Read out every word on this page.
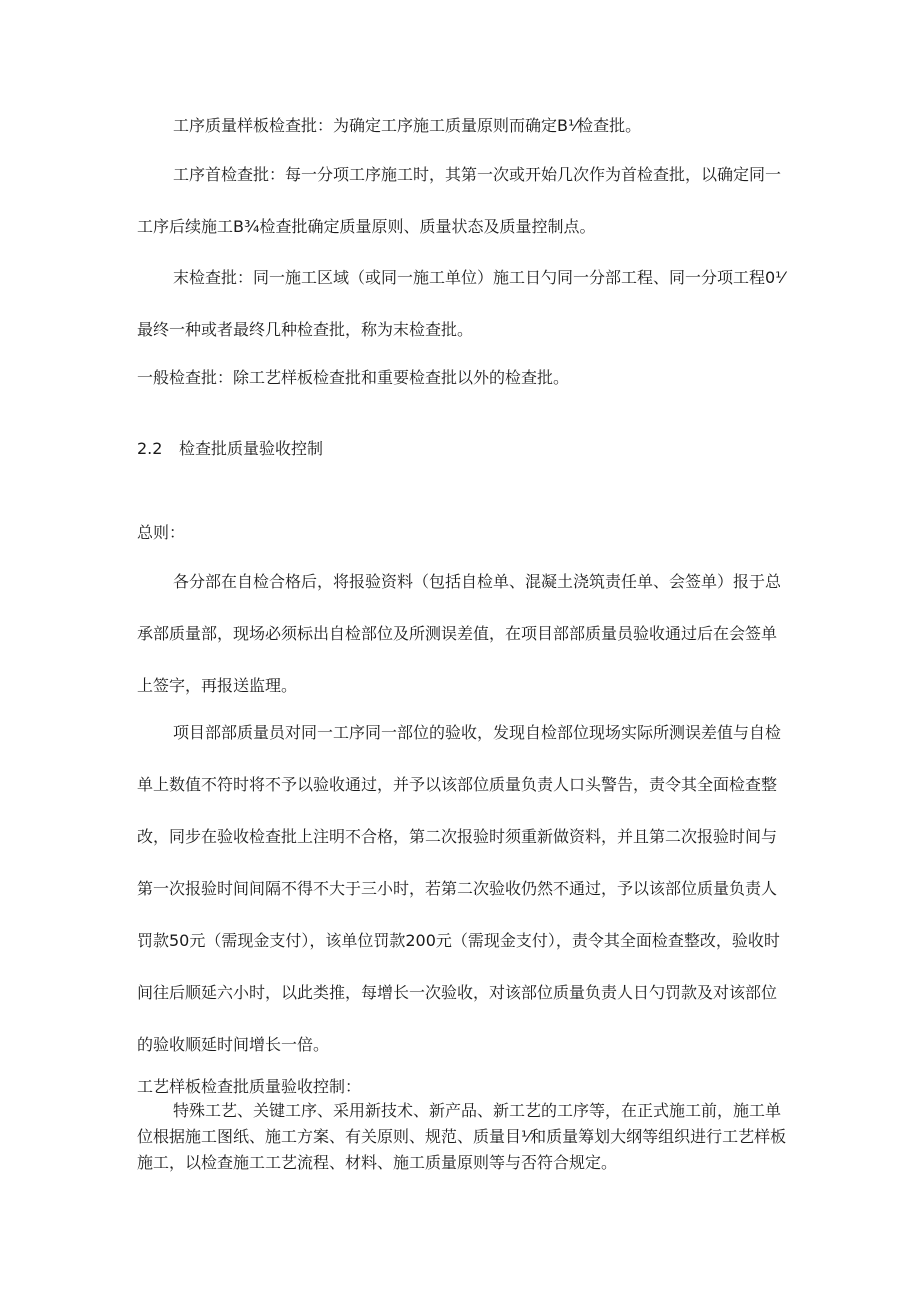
工序质量样板检查批：为确定工序施工质量原则而确定B⅟检查批。

工序首检查批：每一分项工序施工时，其第一次或开始几次作为首检查批，以确定同一工序后续施工B¾检查批确定质量原则、质量状态及质量控制点。

末检查批：同一施工区域（或同一施工单位）施工日勺同一分部工程、同一分项工程0⅟最终一种或者最终几种检查批，称为末检查批。

一般检查批：除工艺样板检查批和重要检查批以外的检查批。

2.2 检查批质量验收控制

总则：

各分部在自检合格后，将报验资料（包括自检单、混凝土浇筑责任单、会签单）报于总承部质量部，现场必须标出自检部位及所测误差值，在项目部部质量员验收通过后在会签单上签字，再报送监理。

项目部部质量员对同一工序同一部位的验收，发现自检部位现场实际所测误差值与自检单上数值不符时将不予以验收通过，并予以该部位质量负责人口头警告，责令其全面检查整改，同步在验收检查批上注明不合格，第二次报验时须重新做资料，并且第二次报验时间与第一次报验时间间隔不得不大于三小时，若第二次验收仍然不通过，予以该部位质量负责人罚款50元（需现金支付），该单位罚款200元（需现金支付），责令其全面检查整改，验收时间往后顺延六小时，以此类推，每增长一次验收，对该部位质量负责人日勺罚款及对该部位的验收顺延时间增长一倍。

工艺样板检查批质量验收控制：

特殊工艺、关键工序、采用新技术、新产品、新工艺的工序等，在正式施工前，施工单位根据施工图纸、施工方案、有关原则、规范、质量目⅟和质量筹划大纲等组织进行工艺样板施工，以检查施工工艺流程、材料、施工质量原则等与否符合规定。
